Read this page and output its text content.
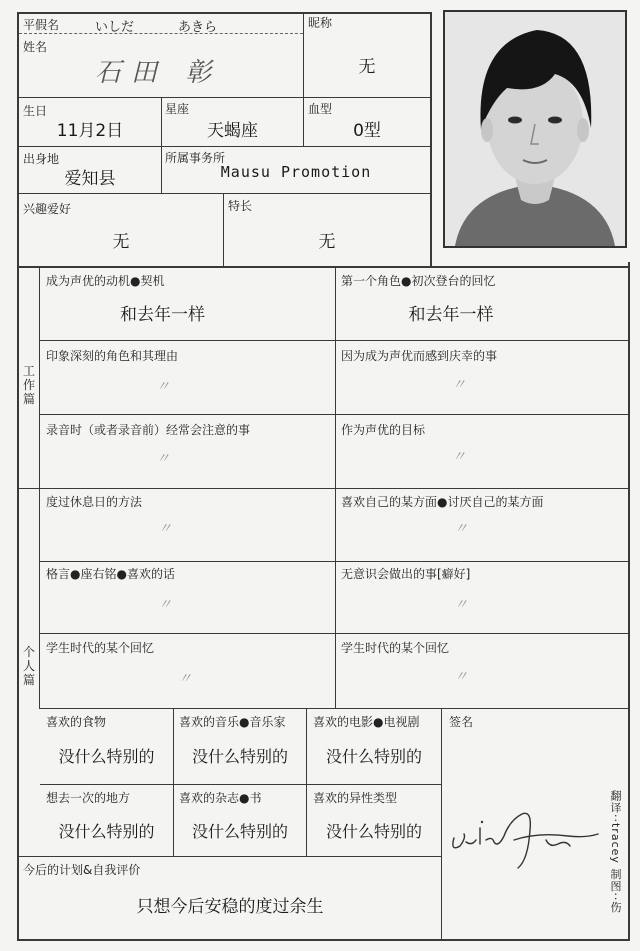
平假名	いしだ	あきら
姓名
石田 彰
昵称
无
生日
11月2日
星座
天蝎座
血型
0型
出身地
爱知县
所属事务所
Mausu Promotion
兴趣爱好
无
特长
无
工
作
篇
成为声优的动机●契机
和去年一样
第一个角色●初次登台的回忆
和去年一样
印象深刻的角色和其理由
〃
因为成为声优而感到庆幸的事
〃
录音时（或者录音前）经常会注意的事
〃
作为声优的目标
〃
个
人
篇
度过休息日的方法
〃
喜欢自己的某方面●讨厌自己的某方面
〃
格言●座右铭●喜欢的话
〃
无意识会做出的事[癖好]
〃
学生时代的某个回忆
〃
学生时代的某个回忆
〃
喜欢的食物
没什么特别的
喜欢的音乐●音乐家
没什么特别的
喜欢的电影●电视剧
没什么特别的
签名
想去一次的地方
没什么特别的
喜欢的杂志●书
没什么特别的
喜欢的异性类型
没什么特别的
今后的计划&自我评价
只想今后安稳的度过余生	翻译··tracey 制图··伤
